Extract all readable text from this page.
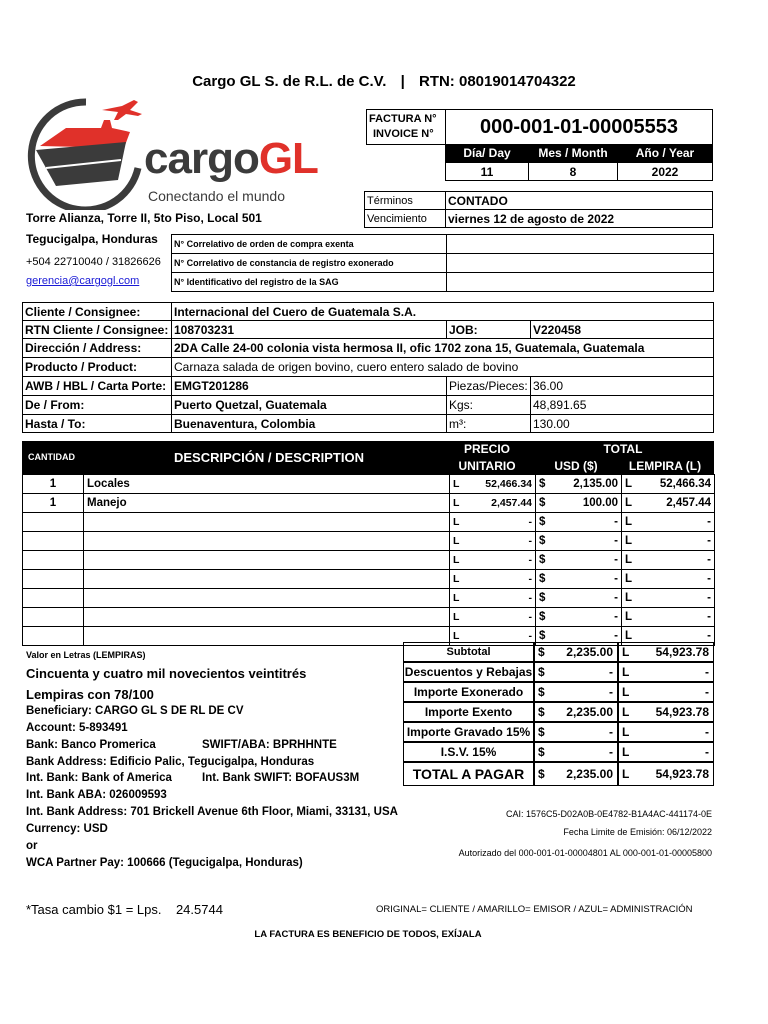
Cargo GL S. de R.L. de C.V. | RTN: 08019014704322
cargoGL
Conectando el mundo
Torre Alianza, Torre II, 5to Piso, Local 501
Tegucigalpa, Honduras
+504 22710040 / 31826626
gerencia@cargogl.com
FACTURA N°
INVOICE N°	000-001-01-00005553
Día/ Day	Mes / Month	Año / Year
11	8	2022
Términos	CONTADO
Vencimiento	viernes 12 de agosto de 2022
N° Correlativo de orden de compra exenta
N° Correlativo de constancia de registro exonerado
N° Identificativo del registro de la SAG
Cliente / Consignee:	Internacional del Cuero de Guatemala S.A.
RTN Cliente / Consignee: 108703231	JOB:	V220458
Dirección / Address:	2DA Calle 24-00 colonia vista hermosa II, ofic 1702 zona 15, Guatemala, Guatemala
Producto / Product:	Carnaza salada de origen bovino, cuero entero salado de bovino
AWB / HBL / Carta Porte: EMGT201286	Piezas/Pieces: 36.00
De / From:	Puerto Quetzal, Guatemala	Kgs:	48,891.65
Hasta / To:	Buenaventura, Colombia	m³:	130.00
CANTIDAD	DESCRIPCIÓN / DESCRIPTION
PRECIO
UNITARIO
TOTAL
USD ($)	LEMPIRA (L)
1	Locales	L	52,466.34	$	2,135.00	L	52,466.34
1	Manejo	L	2,457.44	$	100.00	L	2,457.44
		L	-	$	-	L	-
		L	-	$	-	L	-
		L	-	$	-	L	-
		L	-	$	-	L	-
		L	-	$	-	L	-
		L	-	$	-	L	-
		L	-	$	-	L	-
Valor en Letras (LEMPIRAS)
Cincuenta y cuatro mil novecientos veintitrés
Lempiras con 78/100
Subtotal	$	2,235.00 L	54,923.78
Descuentos y Rebajas $	- L	-
Importe Exonerado	$	- L	-
Importe Exento	$	2,235.00 L	54,923.78
Importe Gravado 15% $	- L	-
I.S.V. 15%	$	- L	-
TOTAL A PAGAR	$	2,235.00 L	54,923.78
Beneficiary: CARGO GL S DE RL DE CV
Account: 5-893491
Bank: Banco Promerica	SWIFT/ABA: BPRHHNTE
Bank Address: Edificio Palic, Tegucigalpa, Honduras
Int. Bank: Bank of America	Int. Bank SWIFT: BOFAUS3M
Int. Bank ABA: 026009593
Int. Bank Address: 701 Brickell Avenue 6th Floor, Miami, 33131, USA
Currency: USD
or
WCA Partner Pay: 100666 (Tegucigalpa, Honduras)
CAI: 1576C5-D02A0B-0E4782-B1A4AC-441174-0E
Fecha Limite de Emisión: 06/12/2022
Autorizado del 000-001-01-00004801 AL 000-001-01-00005800
*Tasa cambio $1 = Lps.    24.5744	ORIGINAL= CLIENTE / AMARILLO= EMISOR / AZUL= ADMINISTRACIÓN
LA FACTURA ES BENEFICIO DE TODOS, EXÍJALA
